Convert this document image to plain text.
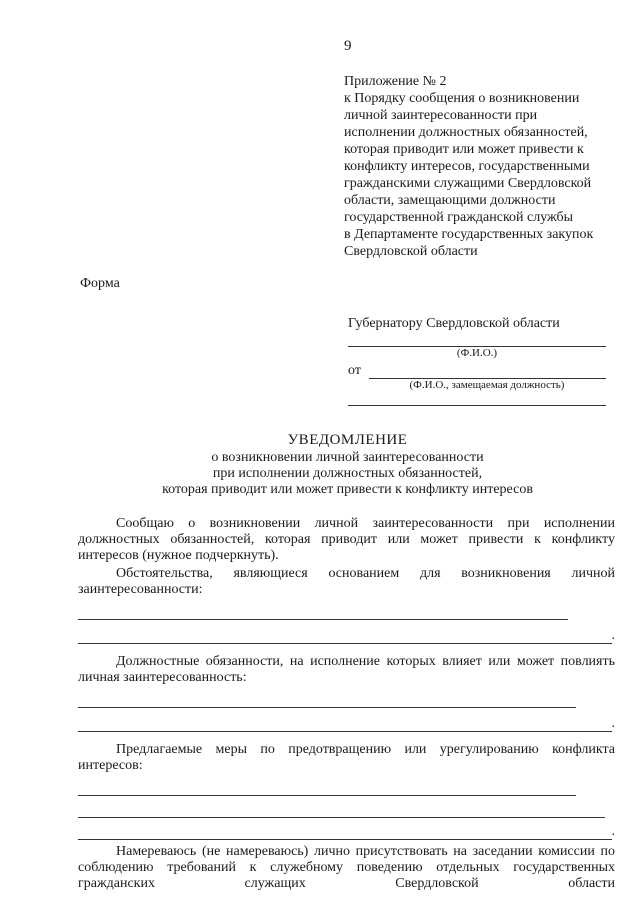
9
Приложение № 2
к Порядку сообщения о возникновении
личной заинтересованности при
исполнении должностных обязанностей,
которая приводит или может привести к
конфликту интересов, государственными
гражданскими служащими Свердловской
области, замещающими должности
государственной гражданской службы
в Департаменте государственных закупок
Свердловской области
Форма
Губернатору Свердловской области
(Ф.И.О.)
от
(Ф.И.О., замещаемая должность)
УВЕДОМЛЕНИЕ
о возникновении личной заинтересованности
при исполнении должностных обязанностей,
которая приводит или может привести к конфликту интересов

Сообщаю о возникновении личной заинтересованности при исполнении должностных обязанностей, которая приводит или может привести к конфликту интересов (нужное подчеркнуть).

Обстоятельства, являющиеся основанием для возникновения личной заинтересованности:

.

Должностные обязанности, на исполнение которых влияет или может повлиять личная заинтересованность:

.

Предлагаемые меры по предотвращению или урегулированию конфликта интересов:

.

Намереваюсь (не намереваюсь) лично присутствовать на заседании комиссии по соблюдению требований к служебному поведению отдельных государственных гражданских служащих Свердловской области
